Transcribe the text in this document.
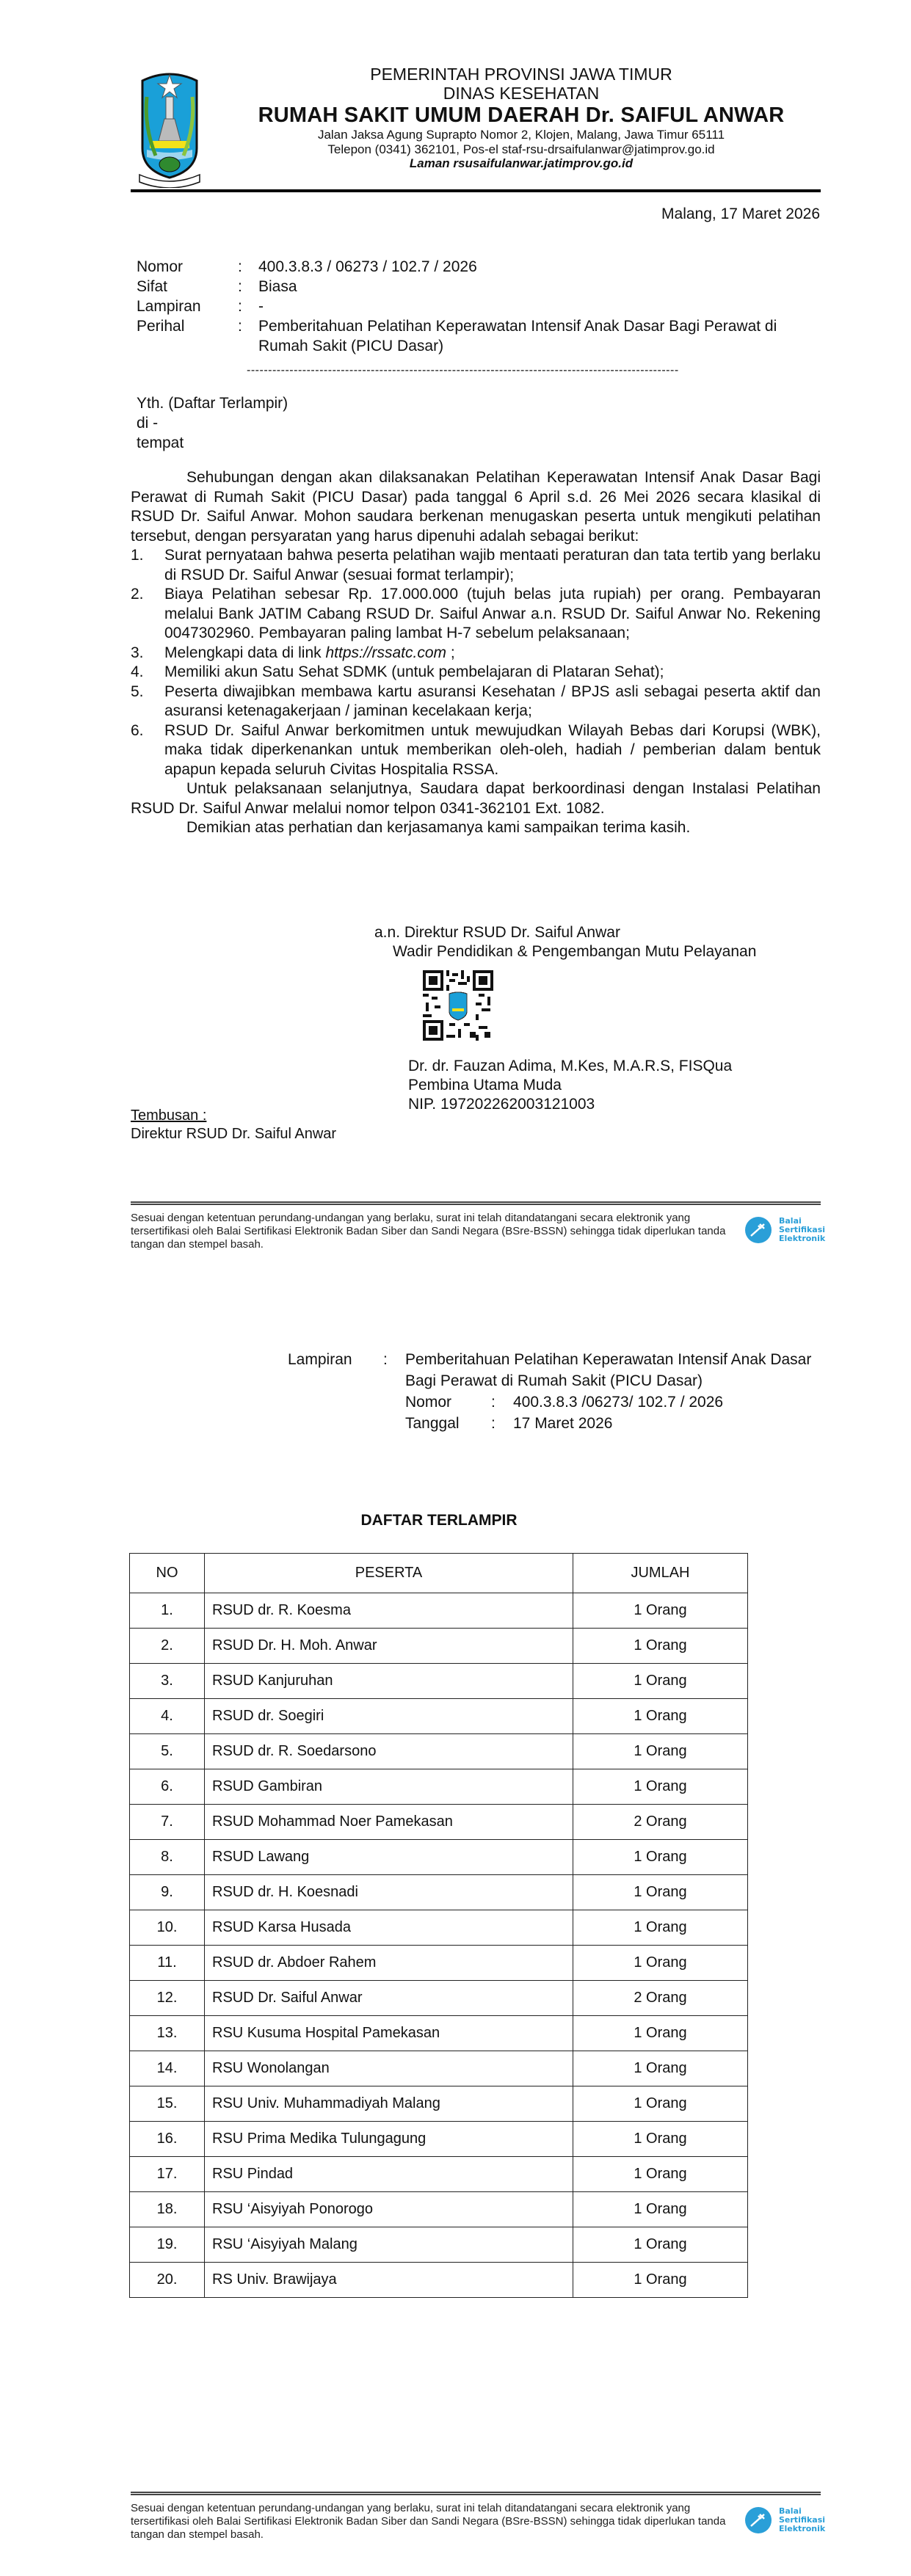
PEMERINTAH PROVINSI JAWA TIMUR
DINAS KESEHATAN
RUMAH SAKIT UMUM DAERAH Dr. SAIFUL ANWAR
Jalan Jaksa Agung Suprapto Nomor 2, Klojen, Malang, Jawa Timur 65111
Telepon (0341) 362101, Pos-el staf-rsu-drsaifulanwar@jatimprov.go.id
Laman rsusaifulanwar.jatimprov.go.id
Malang, 17 Maret 2026
Nomor	:	400.3.8.3 / 06273 / 102.7 / 2026
Sifat	:	Biasa
Lampiran	:	-
Perihal	:	Pemberitahuan Pelatihan Keperawatan Intensif Anak Dasar Bagi Perawat di Rumah Sakit (PICU Dasar)
-----------------------------------------------------------------------------------------------------
Yth. (Daftar Terlampir)
di -
tempat

Sehubungan dengan akan dilaksanakan Pelatihan Keperawatan Intensif Anak Dasar Bagi Perawat di Rumah Sakit (PICU Dasar) pada tanggal 6 April s.d. 26 Mei 2026 secara klasikal di RSUD Dr. Saiful Anwar. Mohon saudara berkenan menugaskan peserta untuk mengikuti pelatihan tersebut, dengan persyaratan yang harus dipenuhi adalah sebagai berikut:

1.	Surat pernyataan bahwa peserta pelatihan wajib mentaati peraturan dan tata tertib yang berlaku di RSUD Dr. Saiful Anwar (sesuai format terlampir);
2.	Biaya Pelatihan sebesar Rp. 17.000.000 (tujuh belas juta rupiah) per orang. Pembayaran melalui Bank JATIM Cabang RSUD Dr. Saiful Anwar a.n. RSUD Dr. Saiful Anwar No. Rekening 0047302960. Pembayaran paling lambat H-7 sebelum pelaksanaan;
3.	Melengkapi data di link https://rssatc.com ;
4.	Memiliki akun Satu Sehat SDMK (untuk pembelajaran di Plataran Sehat);
5.	Peserta diwajibkan membawa kartu asuransi Kesehatan / BPJS asli sebagai peserta aktif dan asuransi ketenagakerjaan / jaminan kecelakaan kerja;
6.	RSUD Dr. Saiful Anwar berkomitmen untuk mewujudkan Wilayah Bebas dari Korupsi (WBK), maka tidak diperkenankan untuk memberikan oleh-oleh, hadiah / pemberian dalam bentuk apapun kepada seluruh Civitas Hospitalia RSSA.

Untuk pelaksanaan selanjutnya, Saudara dapat berkoordinasi dengan Instalasi Pelatihan RSUD Dr. Saiful Anwar melalui nomor telpon 0341-362101 Ext. 1082.

Demikian atas perhatian dan kerjasamanya kami sampaikan terima kasih.

a.n. Direktur RSUD Dr. Saiful Anwar
Wadir Pendidikan & Pengembangan Mutu Pelayanan
Dr. dr. Fauzan Adima, M.Kes, M.A.R.S, FISQua
Pembina Utama Muda
NIP. 197202262003121003
Tembusan :
Direktur RSUD Dr. Saiful Anwar
Sesuai dengan ketentuan perundang-undangan yang berlaku, surat ini telah ditandatangani secara elektronik yang tersertifikasi oleh Balai Sertifikasi Elektronik Badan Siber dan Sandi Negara (BSre-BSSN) sehingga tidak diperlukan tanda tangan dan stempel basah.
Balai
Sertifikasi
Elektronik
Lampiran	:	Pemberitahuan Pelatihan Keperawatan Intensif Anak Dasar Bagi Perawat di Rumah Sakit (PICU Dasar)
Nomor	:	400.3.8.3 /06273/ 102.7 / 2026
Tanggal	:	17 Maret 2026
DAFTAR TERLAMPIR
NO	PESERTA	JUMLAH
1.	RSUD dr. R. Koesma	1 Orang
2.	RSUD Dr. H. Moh. Anwar	1 Orang
3.	RSUD Kanjuruhan	1 Orang
4.	RSUD dr. Soegiri	1 Orang
5.	RSUD dr. R. Soedarsono	1 Orang
6.	RSUD Gambiran	1 Orang
7.	RSUD Mohammad Noer Pamekasan	2 Orang
8.	RSUD Lawang	1 Orang
9.	RSUD dr. H. Koesnadi	1 Orang
10.	RSUD Karsa Husada	1 Orang
11.	RSUD dr. Abdoer Rahem	1 Orang
12.	RSUD Dr. Saiful Anwar	2 Orang
13.	RSU Kusuma Hospital Pamekasan	1 Orang
14.	RSU Wonolangan	1 Orang
15.	RSU Univ. Muhammadiyah Malang	1 Orang
16.	RSU Prima Medika Tulungagung	1 Orang
17.	RSU Pindad	1 Orang
18.	RSU ‘Aisyiyah Ponorogo	1 Orang
19.	RSU ‘Aisyiyah Malang	1 Orang
20.	RS Univ. Brawijaya	1 Orang
Sesuai dengan ketentuan perundang-undangan yang berlaku, surat ini telah ditandatangani secara elektronik yang tersertifikasi oleh Balai Sertifikasi Elektronik Badan Siber dan Sandi Negara (BSre-BSSN) sehingga tidak diperlukan tanda tangan dan stempel basah.
Balai
Sertifikasi
Elektronik
